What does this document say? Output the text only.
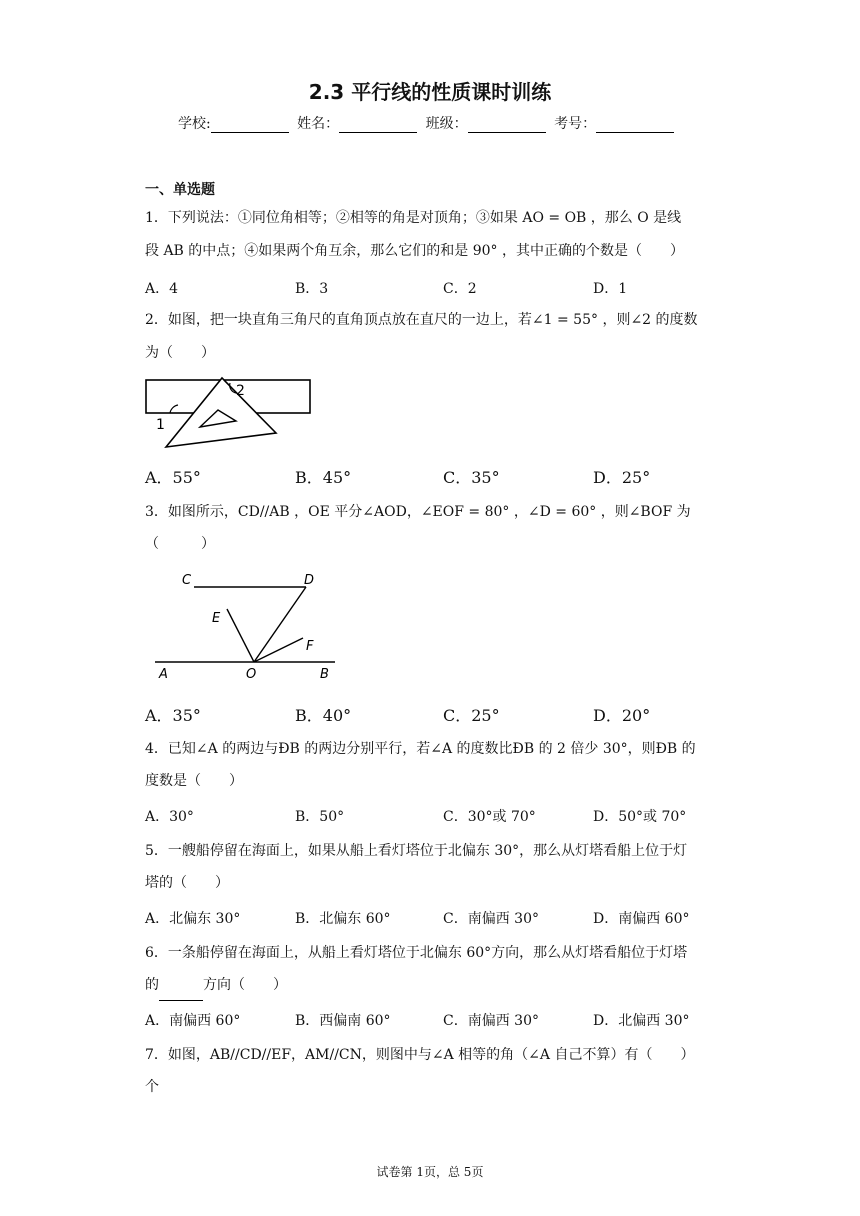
2.3 平行线的性质课时训练
学校:	姓名：	班级：	考号：
一、单选题
1．下列说法：①同位角相等；②相等的角是对顶角；③如果 AO = OB ，那么 O 是线
段 AB 的中点；④如果两个角互余，那么它们的和是 90° ，其中正确的个数是（　　）
A．4	B．3	C．2	D．1
2．如图，把一块直角三角尺的直角顶点放在直尺的一边上，若∠1 = 55° ，则∠2 的度数
为（　　）
1
2
A．55°	B．45°	C．35°	D．25°
3．如图所示，CD//AB ，OE 平分∠AOD，∠EOF = 80° ，∠D = 60° ，则∠BOF 为
（　　　）
C	D
E
F
A	O	B
A．35°	B．40°	C．25°	D．20°
4．已知∠A 的两边与ÐB 的两边分别平行，若∠A 的度数比ÐB 的 2 倍少 30°，则ÐB 的
度数是（　　）
A．30°	B．50°	C．30°或 70°	D．50°或 70°
5．一艘船停留在海面上，如果从船上看灯塔位于北偏东 30°，那么从灯塔看船上位于灯
塔的（　　）
A．北偏东 30°	B．北偏东 60°	C．南偏西 30°	D．南偏西 60°
6．一条船停留在海面上，从船上看灯塔位于北偏东 60°方向，那么从灯塔看船位于灯塔
的	方向（　　）
A．南偏西 60°	B．西偏南 60°	C．南偏西 30°	D．北偏西 30°
7．如图，AB//CD//EF，AM//CN，则图中与∠A 相等的角（∠A 自己不算）有（　　）
个
试卷第 1页，总 5页
